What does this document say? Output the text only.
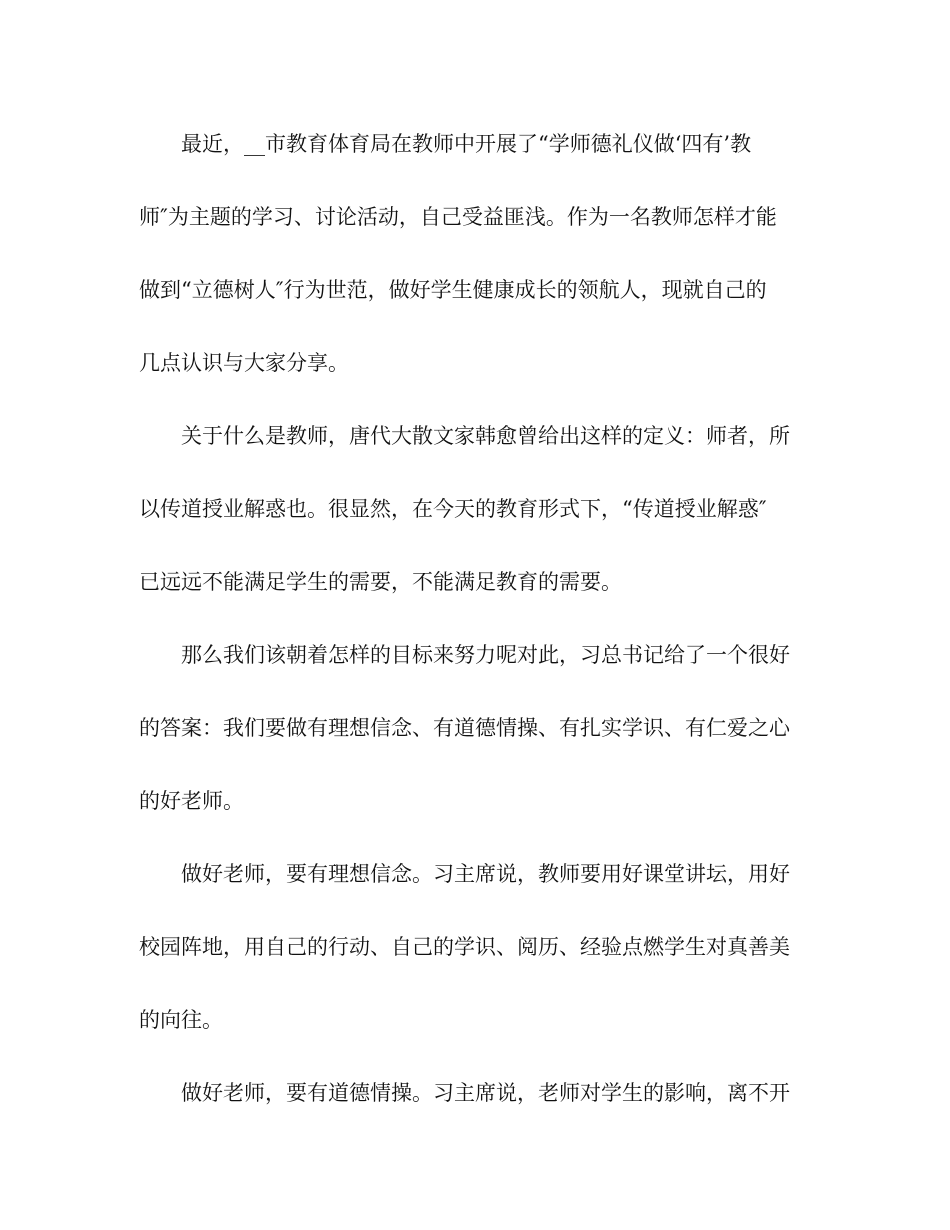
最近，__市教育体育局在教师中开展了“学师德礼仪做‘四有’教
师″为主题的学习、讨论活动，自己受益匪浅。作为一名教师怎样才能
做到“立德树人″行为世范，做好学生健康成长的领航人，现就自己的
几点认识与大家分享。
关于什么是教师，唐代大散文家韩愈曾给出这样的定义：师者，所
以传道授业解惑也。很显然，在今天的教育形式下，“传道授业解惑″
已远远不能满足学生的需要，不能满足教育的需要。
那么我们该朝着怎样的目标来努力呢对此，习总书记给了一个很好
的答案：我们要做有理想信念、有道德情操、有扎实学识、有仁爱之心
的好老师。
做好老师，要有理想信念。习主席说，教师要用好课堂讲坛，用好
校园阵地，用自己的行动、自己的学识、阅历、经验点燃学生对真善美
的向往。
做好老师，要有道德情操。习主席说，老师对学生的影响，离不开
